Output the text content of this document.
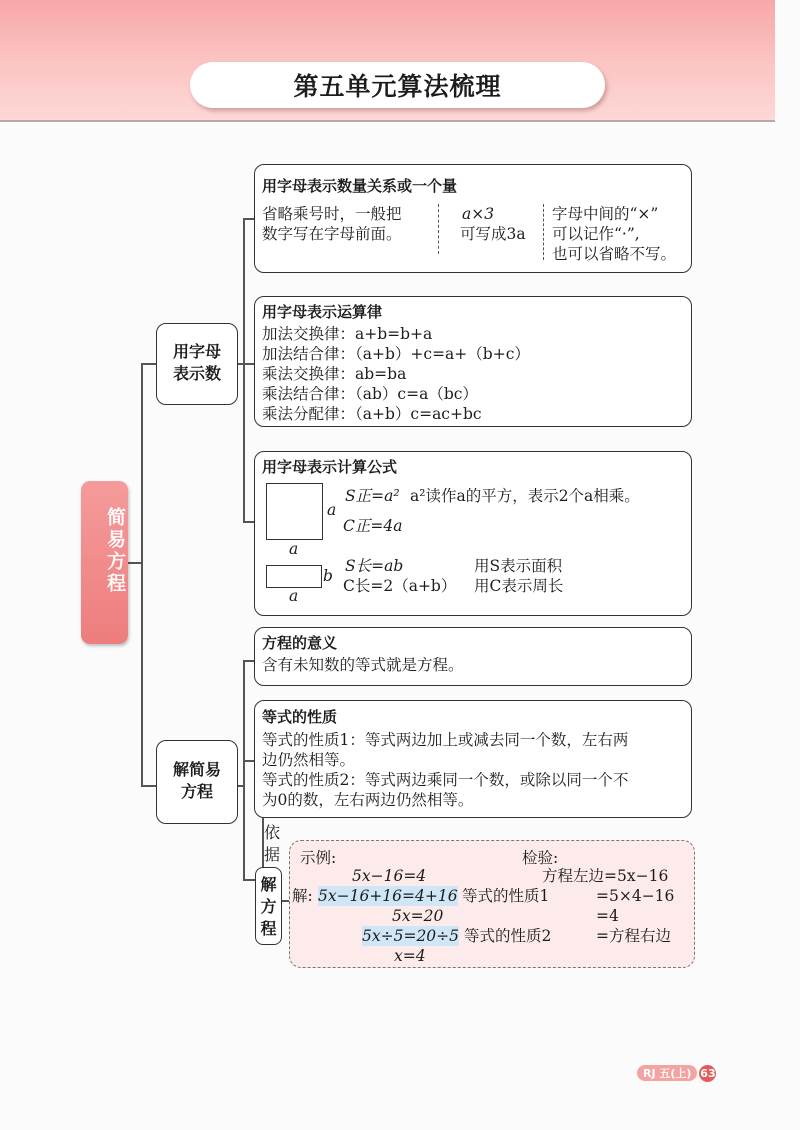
第五单元算法梳理
简易方程
用字母表示数
解简易方程
依据
解方程
用字母表示数量关系或一个量
省略乘号时，一般把
数字写在字母前面。
a×3
可写成3a
字母中间的“×”
可以记作“·”,
也可以省略不写。
用字母表示运算律
加法交换律：a+b=b+a
加法结合律：（a+b）+c=a+（b+c）
乘法交换律：ab=ba
乘法结合律：（ab）c=a（bc）
乘法分配律：（a+b）c=ac+bc
用字母表示计算公式
a
a
S正=a² a²读作a的平方，表示2个a相乘。
C正=4a
b
a
S长=ab
C长=2（a+b）
用S表示面积
用C表示周长
方程的意义
含有未知数的等式就是方程。
等式的性质
等式的性质1：等式两边加上或减去同一个数，左右两
边仍然相等。
等式的性质2：等式两边乘同一个数，或除以同一个不
为0的数，左右两边仍然相等。
示例:
5x−16=4
解: 5x−16+16=4+16 等式的性质1
5x=20
5x÷5=20÷5 等式的性质2
x=4
检验:
方程左边=5x−16
=5×4−16
=4
=方程右边
RJ 五(上) 63
